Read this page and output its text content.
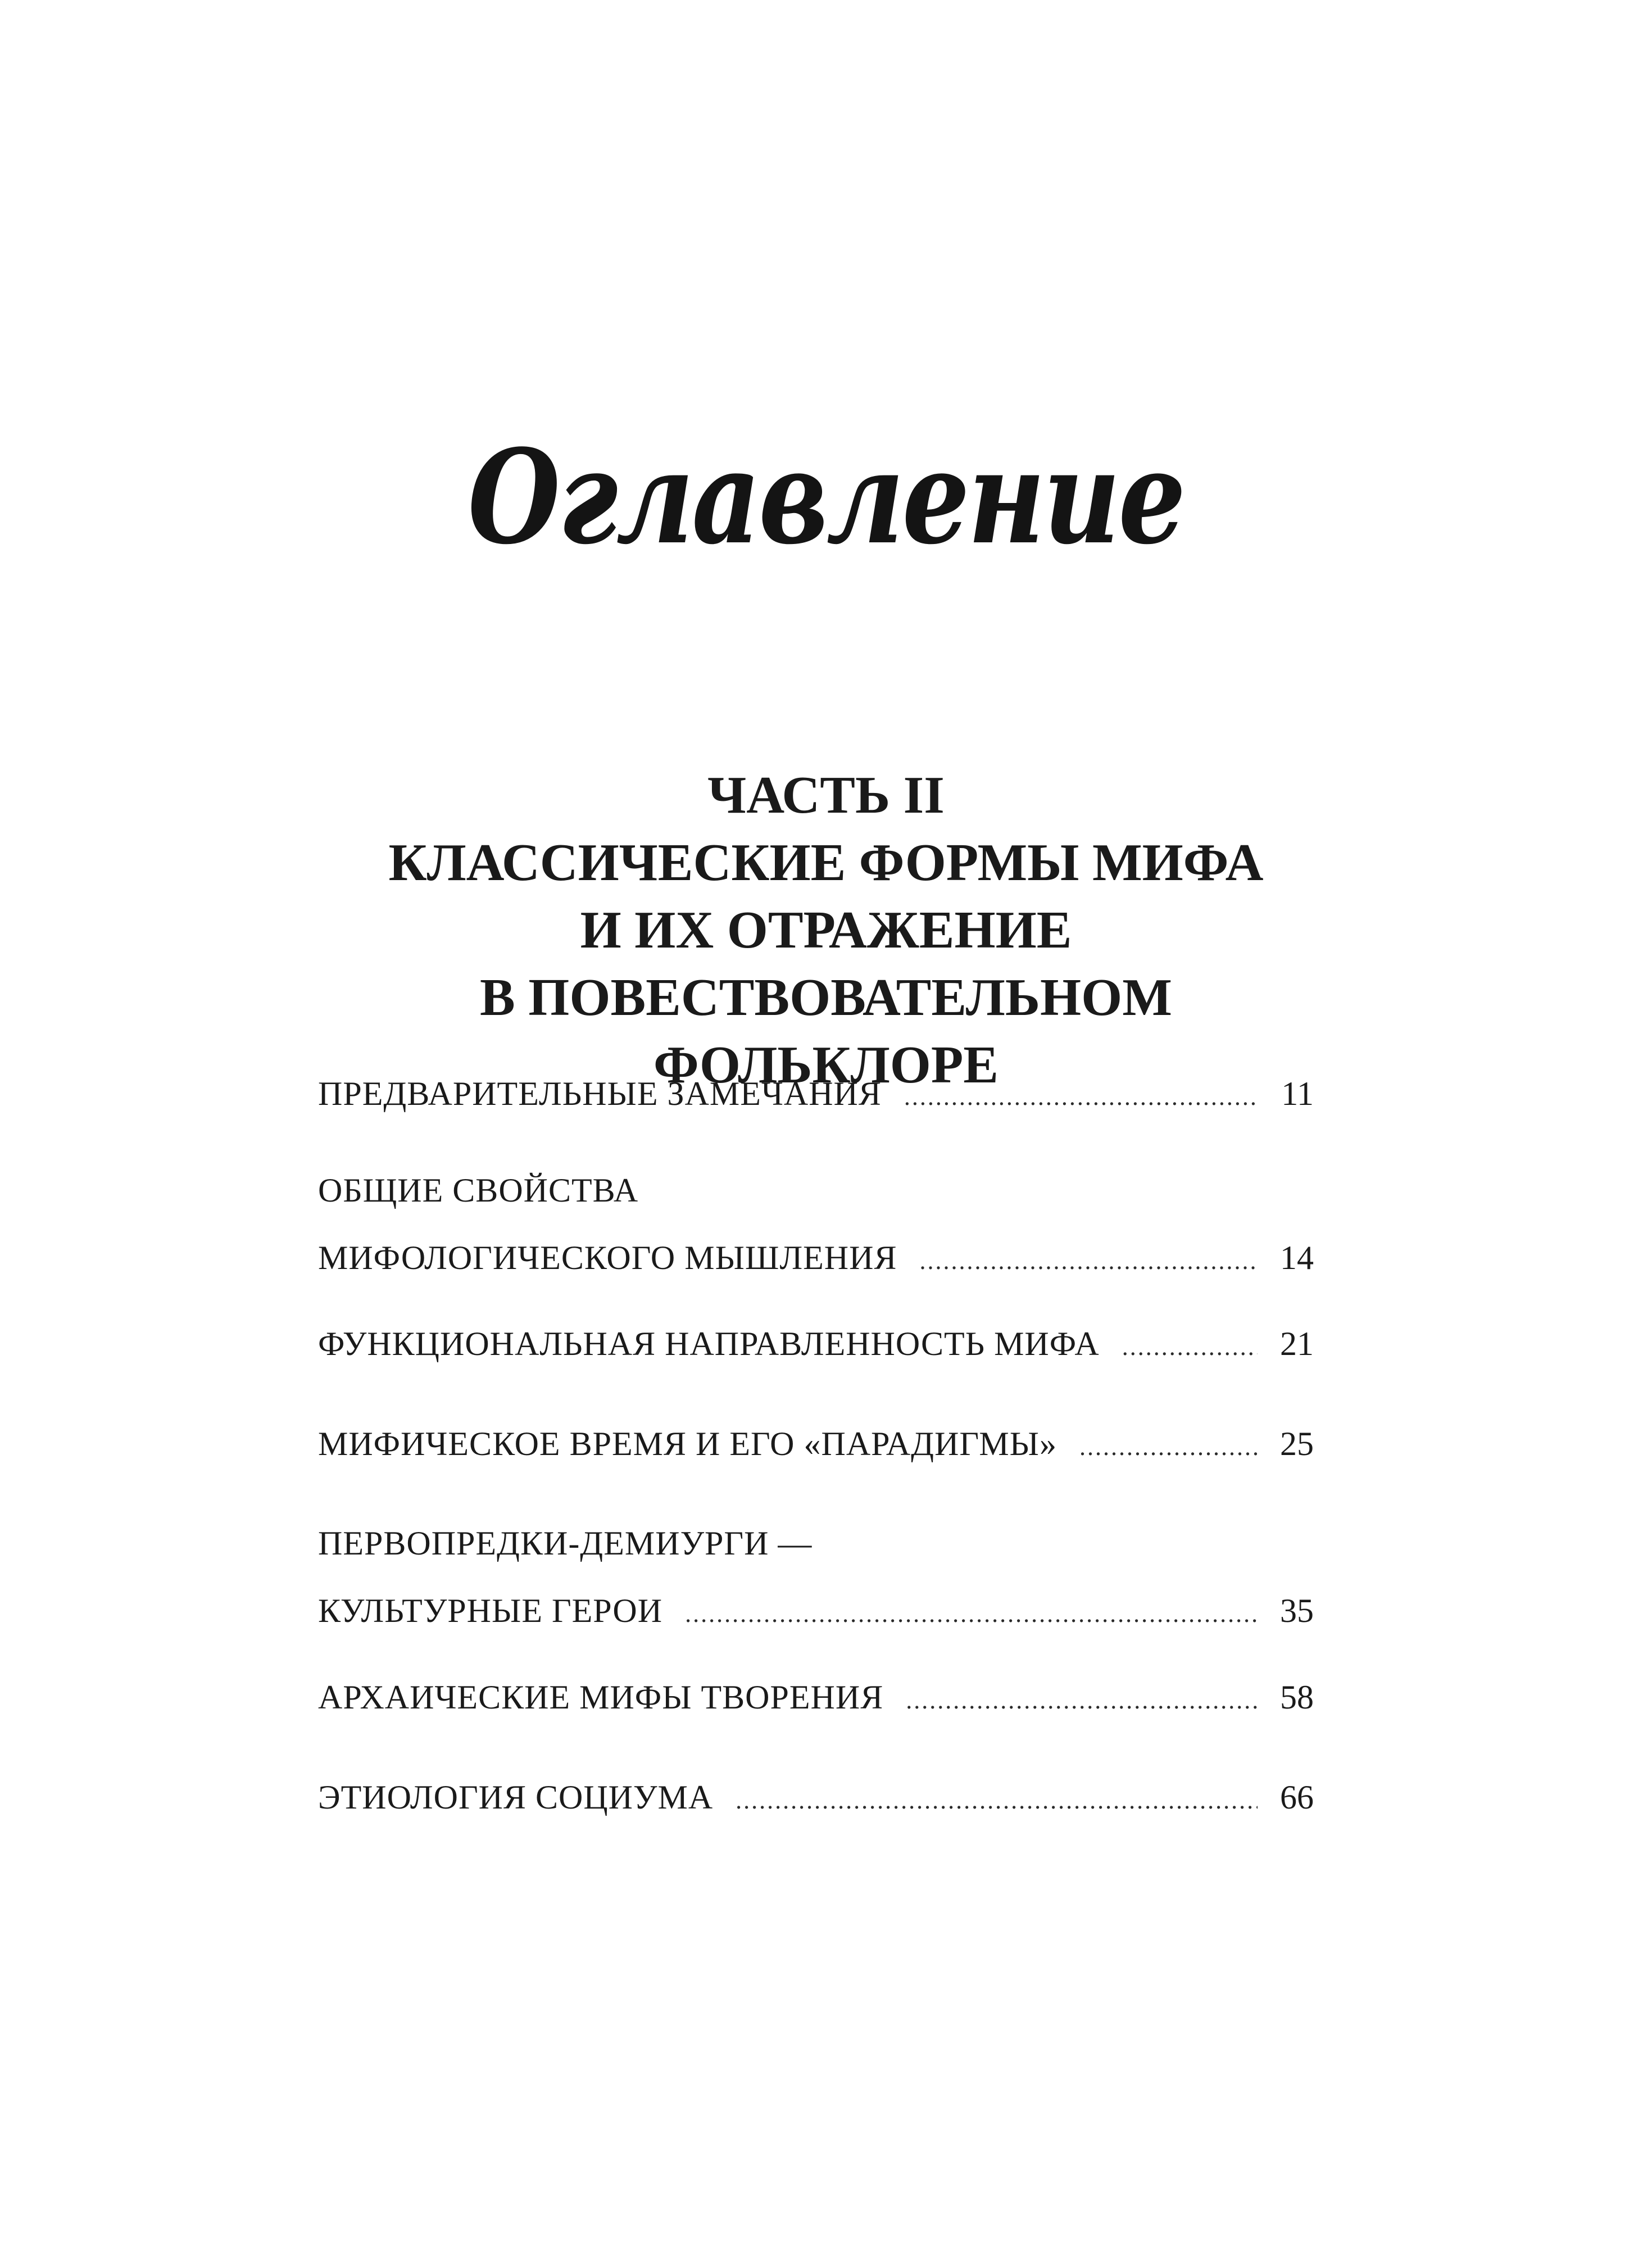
Оглавление
ЧАСТЬ II
КЛАССИЧЕСКИЕ ФОРМЫ МИФА
И ИХ ОТРАЖЕНИЕ
В ПОВЕСТВОВАТЕЛЬНОМ
ФОЛЬКЛОРЕ
ПРЕДВАРИТЕЛЬНЫЕ ЗАМЕЧАНИЯ .....	11
ОБЩИЕ СВОЙСТВА
МИФОЛОГИЧЕСКОГО МЫШЛЕНИЯ .....	14
ФУНКЦИОНАЛЬНАЯ НАПРАВЛЕННОСТЬ МИФА .....	21
МИФИЧЕСКОЕ ВРЕМЯ И ЕГО «ПАРАДИГМЫ» .....	25
ПЕРВОПРЕДКИ-ДЕМИУРГИ —
КУЛЬТУРНЫЕ ГЕРОИ .....	35
АРХАИЧЕСКИЕ МИФЫ ТВОРЕНИЯ .....	58
ЭТИОЛОГИЯ СОЦИУМА .....	66
